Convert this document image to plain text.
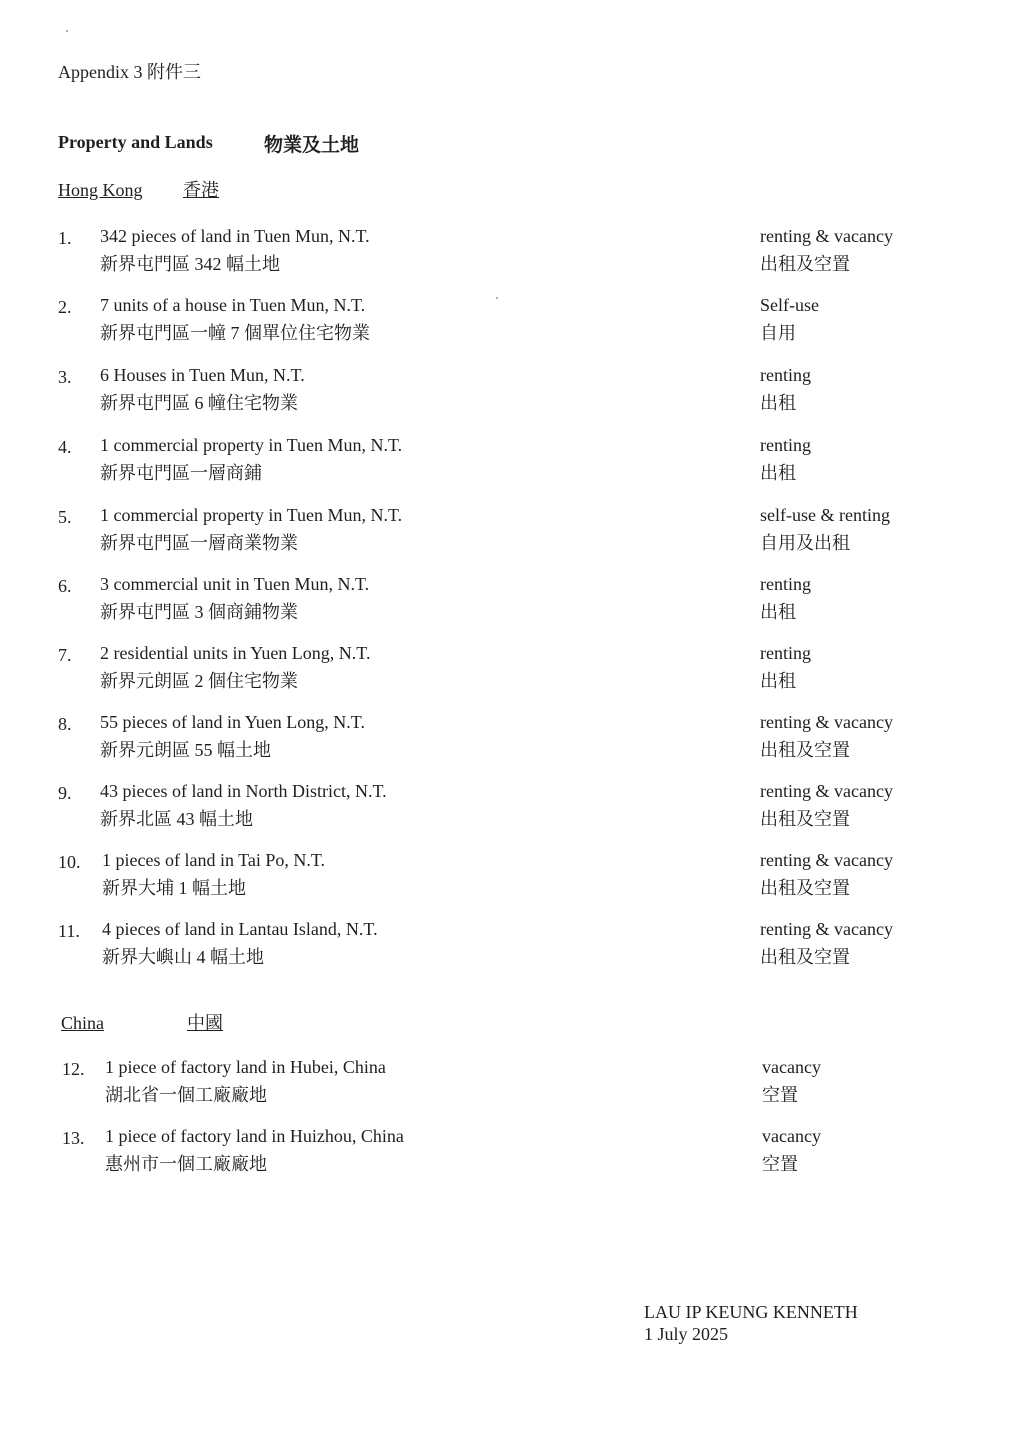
Appendix 3 附件三
Property and Lands	物業及土地
Hong Kong 香港
1. 342 pieces of land in Tuen Mun, N.T.
新界屯門區 342 幅土地
renting & vacancy
出租及空置
2. 7 units of a house in Tuen Mun, N.T.
新界屯門區一幢 7 個單位住宅物業
Self-use
自用
3. 6 Houses in Tuen Mun, N.T.
新界屯門區 6 幢住宅物業
renting
出租
4. 1 commercial property in Tuen Mun, N.T.
新界屯門區一層商鋪
renting
出租
5. 1 commercial property in Tuen Mun, N.T.
新界屯門區一層商業物業
self-use & renting
自用及出租
6. 3 commercial unit in Tuen Mun, N.T.
新界屯門區 3 個商鋪物業
renting
出租
7. 2 residential units in Yuen Long, N.T.
新界元朗區 2 個住宅物業
renting
出租
8. 55 pieces of land in Yuen Long, N.T.
新界元朗區 55 幅土地
renting & vacancy
出租及空置
9. 43 pieces of land in North District, N.T.
新界北區 43 幅土地
renting & vacancy
出租及空置
10. 1 pieces of land in Tai Po, N.T.
新界大埔 1 幅土地
renting & vacancy
出租及空置
11. 4 pieces of land in Lantau Island, N.T.
新界大嶼山 4 幅土地
renting & vacancy
出租及空置
China	中國
12. 1 piece of factory land in Hubei, China
湖北省一個工廠廠地
vacancy
空置
13. 1 piece of factory land in Huizhou, China
惠州市一個工廠廠地
vacancy
空置
LAU IP KEUNG KENNETH
1 July 2025
